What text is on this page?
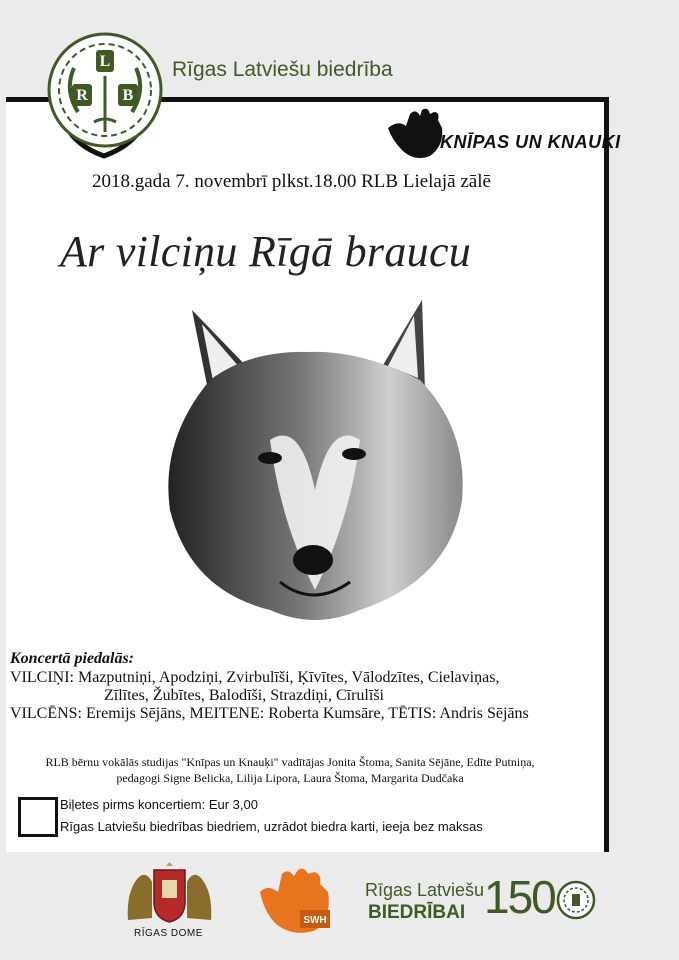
L
R B
Rīgas Latviešu biedrība
KNĪPAS UN KNAUĶI
2018.gada 7. novembrī plkst.18.00 RLB Lielajā zālē
Ar vilciņu Rīgā braucu
Koncertā piedalās:
VILCIŅI: Mazputniņi, Apodziņi, Zvirbulīši, Ķīvītes, Vālodzītes, Cielaviņas,
Zīlītes, Žubītes, Balodīši, Strazdiņi, Cīrulīši
VILCĒNS: Eremijs Sējāns, MEITENE: Roberta Kumsāre, TĒTIS: Andris Sējāns
RLB bērnu vokālās studijas "Knīpas un Knauķi" vadītājas Jonita Štoma, Sanita Sējāne, Edīte Putniņa,
pedagogi Signe Belicka, Lilija Lipora, Laura Štoma, Margarita Dudčaka
Biļetes pirms koncertiem: Eur 3,00
Rīgas Latviešu biedrības biedriem, uzrādot biedra karti, ieeja bez maksas
RĪGAS DOME
SWH
Rīgas Latviešu
BIEDRĪBAI 150
